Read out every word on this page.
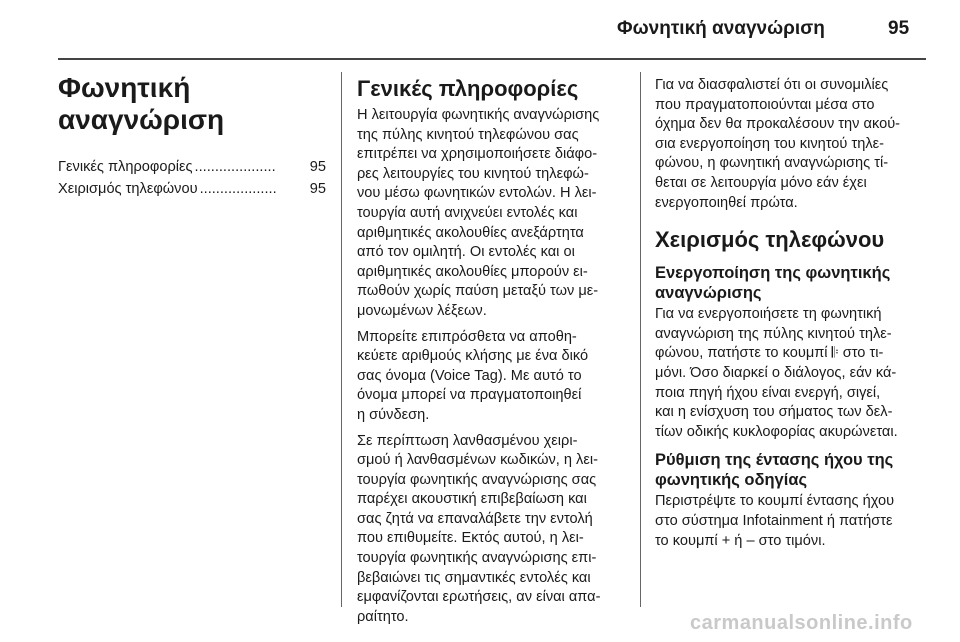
Φωνητική αναγνώριση	95
Φωνητική
αναγνώριση
Γενικές πληροφορίες ....................	95
Χειρισμός τηλεφώνου ...................	95
Γενικές πληροφορίες

Η λειτουργία φωνητικής αναγνώρισης
της πύλης κινητού τηλεφώνου σας
επιτρέπει να χρησιμοποιήσετε διάφο-
ρες λειτουργίες του κινητού τηλεφώ-
νου μέσω φωνητικών εντολών. Η λει-
τουργία αυτή ανιχνεύει εντολές και
αριθμητικές ακολουθίες ανεξάρτητα
από τον ομιλητή. Οι εντολές και οι
αριθμητικές ακολουθίες μπορούν ει-
πωθούν χωρίς παύση μεταξύ των με-
μονωμένων λέξεων.

Μπορείτε επιπρόσθετα να αποθη-
κεύετε αριθμούς κλήσης με ένα δικό
σας όνομα (Voice Tag). Με αυτό το
όνομα μπορεί να πραγματοποιηθεί
η σύνδεση.

Σε περίπτωση λανθασμένου χειρι-
σμού ή λανθασμένων κωδικών, η λει-
τουργία φωνητικής αναγνώρισης σας
παρέχει ακουστική επιβεβαίωση και
σας ζητά να επαναλάβετε την εντολή
που επιθυμείτε. Εκτός αυτού, η λει-
τουργία φωνητικής αναγνώρισης επι-
βεβαιώνει τις σημαντικές εντολές και
εμφανίζονται ερωτήσεις, αν είναι απα-
ραίτητο.

Για να διασφαλιστεί ότι οι συνομιλίες
που πραγματοποιούνται μέσα στο
όχημα δεν θα προκαλέσουν την ακού-
σια ενεργοποίηση του κινητού τηλε-
φώνου, η φωνητική αναγνώρισης τί-
θεται σε λειτουργία μόνο εάν έχει
ενεργοποιηθεί πρώτα.

Χειρισμός τηλεφώνου
Ενεργοποίηση της φωνητικής
αναγνώρισης

Για να ενεργοποιήσετε τη φωνητική
αναγνώριση της πύλης κινητού τηλε-
φώνου, πατήστε το κουμπί 𝄆 στο τι-
μόνι. Όσο διαρκεί ο διάλογος, εάν κά-
ποια πηγή ήχου είναι ενεργή, σιγεί,
και η ενίσχυση του σήματος των δελ-
τίων οδικής κυκλοφορίας ακυρώνεται.

Ρύθμιση της έντασης ήχου της
φωνητικής οδηγίας

Περιστρέψτε το κουμπί έντασης ήχου
στο σύστημα Infotainment ή πατήστε
το κουμπί + ή – στο τιμόνι.

carmanualsonline.info
